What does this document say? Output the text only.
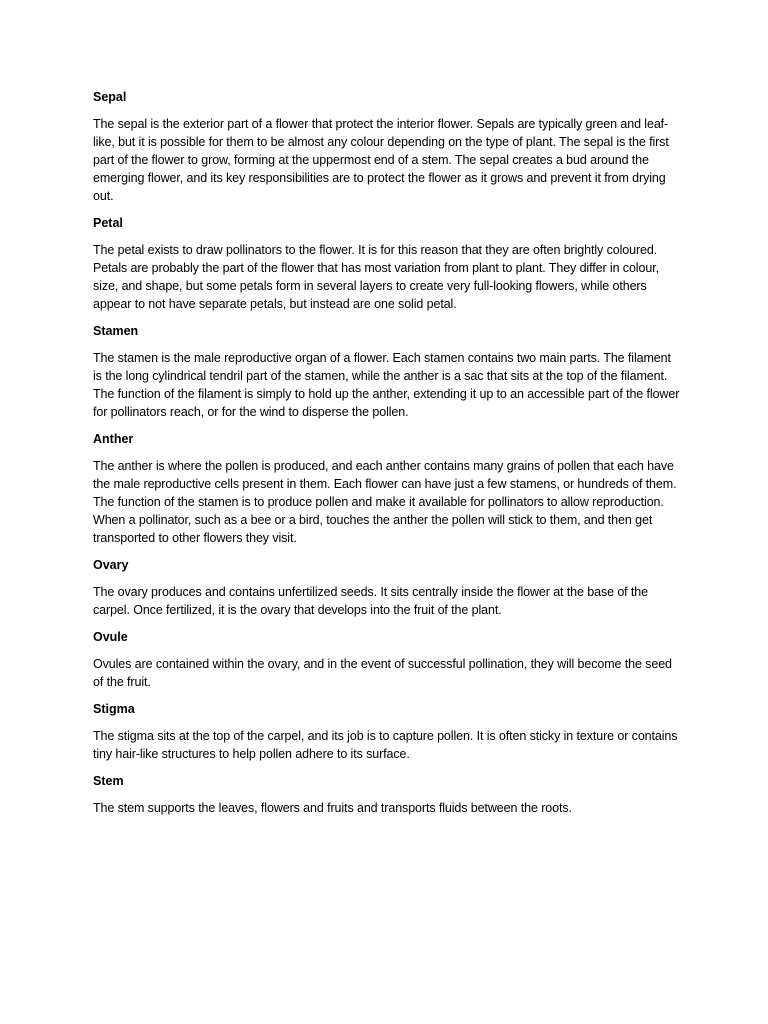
Sepal

The sepal is the exterior part of a flower that protect the interior flower. Sepals are typically green and leaf-like, but it is possible for them to be almost any colour depending on the type of plant. The sepal is the first part of the flower to grow, forming at the uppermost end of a stem. The sepal creates a bud around the emerging flower, and its key responsibilities are to protect the flower as it grows and prevent it from drying out.

Petal

The petal exists to draw pollinators to the flower. It is for this reason that they are often brightly coloured. Petals are probably the part of the flower that has most variation from plant to plant. They differ in colour, size, and shape, but some petals form in several layers to create very full-looking flowers, while others appear to not have separate petals, but instead are one solid petal.

Stamen

The stamen is the male reproductive organ of a flower. Each stamen contains two main parts. The filament is the long cylindrical tendril part of the stamen, while the anther is a sac that sits at the top of the filament. The function of the filament is simply to hold up the anther, extending it up to an accessible part of the flower for pollinators reach, or for the wind to disperse the pollen.

Anther

The anther is where the pollen is produced, and each anther contains many grains of pollen that each have the male reproductive cells present in them. Each flower can have just a few stamens, or hundreds of them. The function of the stamen is to produce pollen and make it available for pollinators to allow reproduction. When a pollinator, such as a bee or a bird, touches the anther the pollen will stick to them, and then get transported to other flowers they visit.

Ovary

The ovary produces and contains unfertilized seeds. It sits centrally inside the flower at the base of the carpel. Once fertilized, it is the ovary that develops into the fruit of the plant.

Ovule

Ovules are contained within the ovary, and in the event of successful pollination, they will become the seed of the fruit.

Stigma

The stigma sits at the top of the carpel, and its job is to capture pollen. It is often sticky in texture or contains tiny hair-like structures to help pollen adhere to its surface.

Stem

The stem supports the leaves, flowers and fruits and transports fluids between the roots.
